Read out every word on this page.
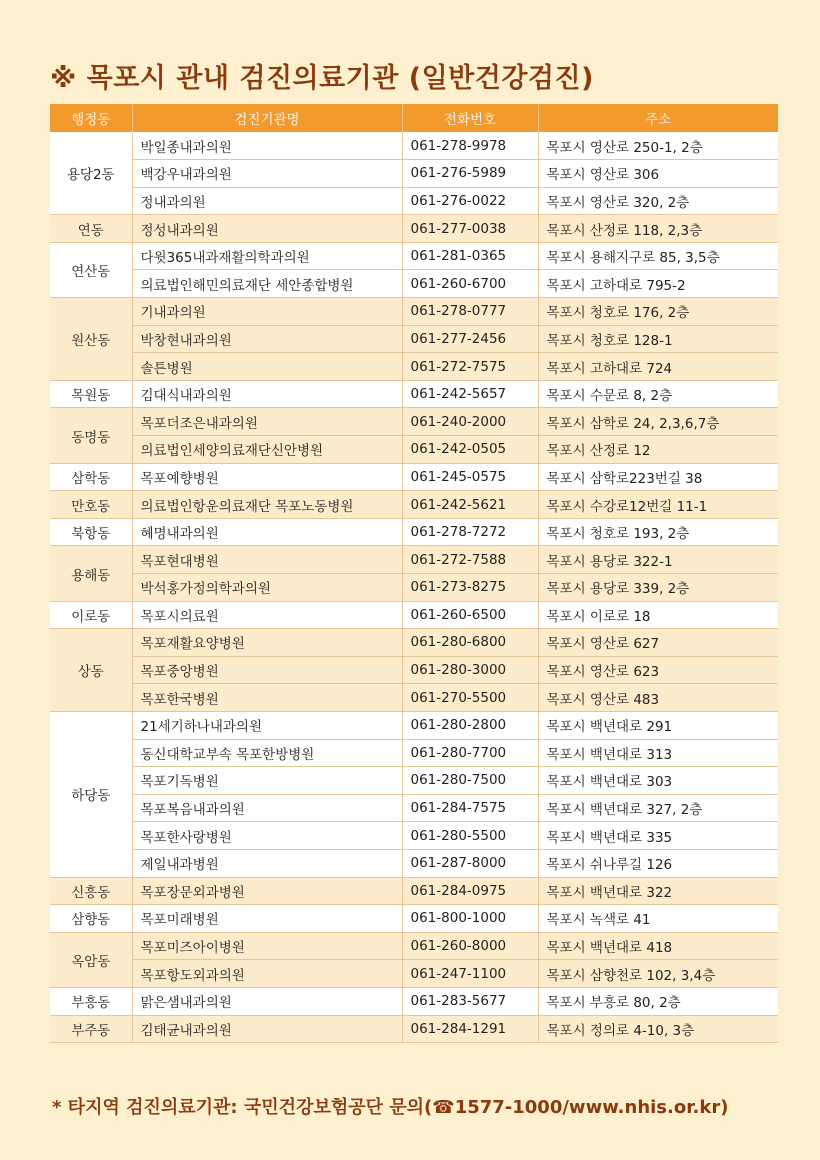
※ 목포시 관내 검진의료기관 (일반건강검진)
행정동	검진기관명	전화번호	주소
용당2동	박일종내과의원	061-278-9978	목포시 영산로 250-1, 2층
	백강우내과의원	061-276-5989	목포시 영산로 306
	정내과의원	061-276-0022	목포시 영산로 320, 2층
연동	정성내과의원	061-277-0038	목포시 산정로 118, 2,3층
연산동	다윗365내과재활의학과의원	061-281-0365	목포시 용해지구로 85, 3,5층
	의료법인해민의료재단 세안종합병원	061-260-6700	목포시 고하대로 795-2
원산동	기내과의원	061-278-0777	목포시 청호로 176, 2층
	박창현내과의원	061-277-2456	목포시 청호로 128-1
	솔튼병원	061-272-7575	목포시 고하대로 724
목원동	김대식내과의원	061-242-5657	목포시 수문로 8, 2층
동명동	목포더조은내과의원	061-240-2000	목포시 삼학로 24, 2,3,6,7층
	의료법인세양의료재단신안병원	061-242-0505	목포시 산정로 12
삼학동	목포예향병원	061-245-0575	목포시 삼학로223번길 38
만호동	의료법인항운의료재단 목포노동병원	061-242-5621	목포시 수강로12번길 11-1
북항동	혜명내과의원	061-278-7272	목포시 청호로 193, 2층
용해동	목포현대병원	061-272-7588	목포시 용당로 322-1
	박석홍가정의학과의원	061-273-8275	목포시 용당로 339, 2층
이로동	목포시의료원	061-260-6500	목포시 이로로 18
상동	목포재활요양병원	061-280-6800	목포시 영산로 627
	목포중앙병원	061-280-3000	목포시 영산로 623
	목포한국병원	061-270-5500	목포시 영산로 483
하당동	21세기하나내과의원	061-280-2800	목포시 백년대로 291
	동신대학교부속 목포한방병원	061-280-7700	목포시 백년대로 313
	목포기독병원	061-280-7500	목포시 백년대로 303
	목포복음내과의원	061-284-7575	목포시 백년대로 327, 2층
	목포한사랑병원	061-280-5500	목포시 백년대로 335
	제일내과병원	061-287-8000	목포시 쉬나루길 126
신흥동	목포장문외과병원	061-284-0975	목포시 백년대로 322
삼향동	목포미래병원	061-800-1000	목포시 녹색로 41
옥암동	목포미즈아이병원	061-260-8000	목포시 백년대로 418
	목포항도외과의원	061-247-1100	목포시 삼향천로 102, 3,4층
부흥동	맑은샘내과의원	061-283-5677	목포시 부흥로 80, 2층
부주동	김태균내과의원	061-284-1291	목포시 정의로 4-10, 3층
* 타지역 검진의료기관: 국민건강보험공단 문의(☎1577-1000/www.nhis.or.kr)
